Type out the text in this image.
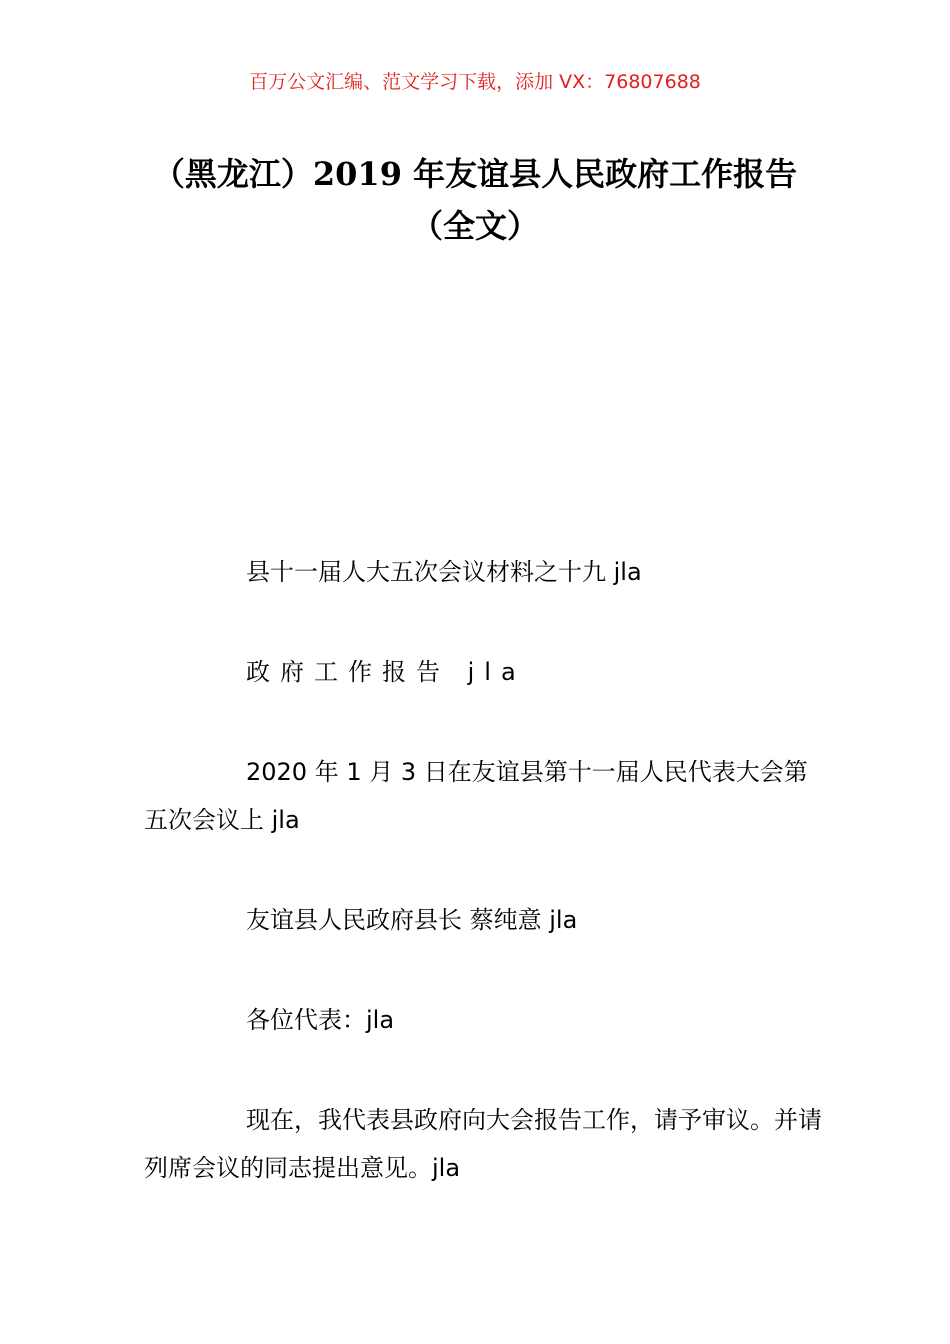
百万公文汇编、范文学习下载，添加 VX：76807688
（黑龙江）2019 年友谊县人民政府工作报告（全文）
县十一届人大五次会议材料之十九 jla
政府工作报告 jla
2020 年 1 月 3 日在友谊县第十一届人民代表大会第五次会议上 jla
友谊县人民政府县长 蔡纯意 jla
各位代表：jla
现在，我代表县政府向大会报告工作，请予审议。并请列席会议的同志提出意见。jla
